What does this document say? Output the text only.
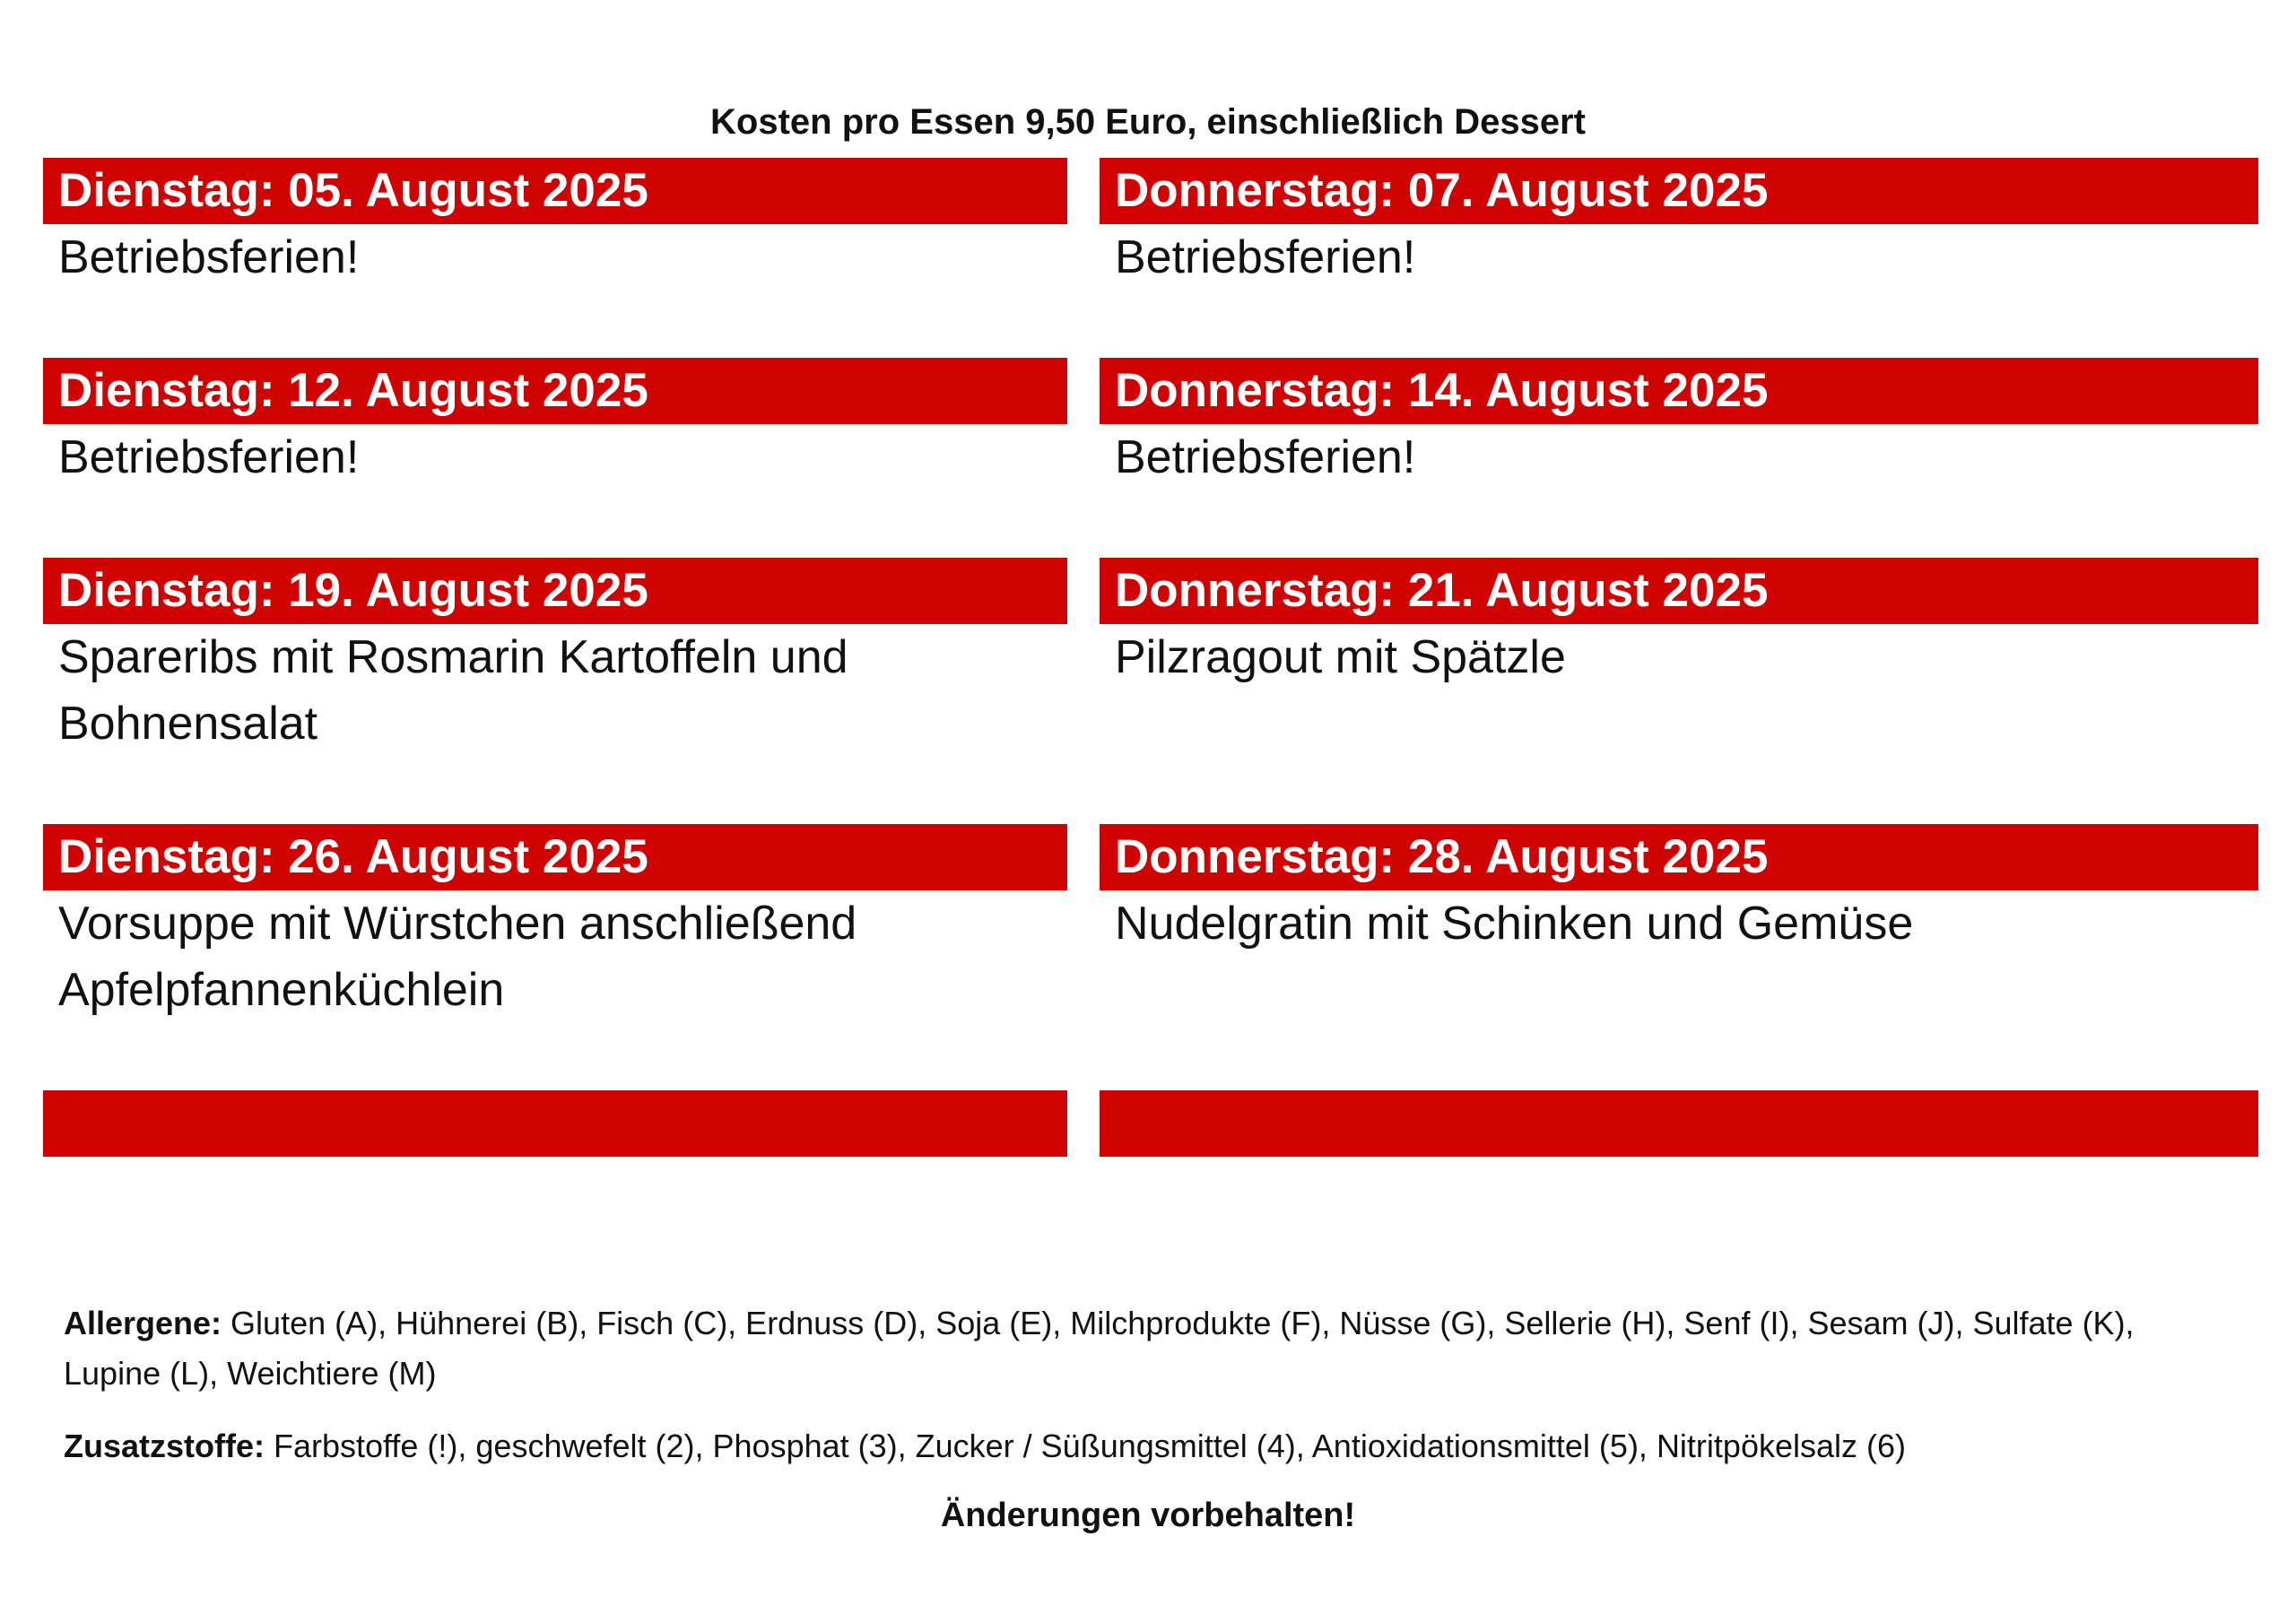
Kosten pro Essen 9,50 Euro, einschließlich Dessert

Dienstag: 05. August 2025
Betriebsferien!
Dienstag: 12. August 2025
Betriebsferien!
Dienstag: 19. August 2025
Spareribs mit Rosmarin Kartoffeln und
Bohnensalat
Dienstag: 26. August 2025
Vorsuppe mit Würstchen anschließend
Apfelpfannenküchlein
Donnerstag: 07. August 2025
Betriebsferien!
Donnerstag: 14. August 2025
Betriebsferien!
Donnerstag: 21. August 2025
Pilzragout mit Spätzle
Donnerstag: 28. August 2025
Nudelgratin mit Schinken und Gemüse
Allergene: Gluten (A), Hühnerei (B), Fisch (C), Erdnuss (D), Soja (E), Milchprodukte (F), Nüsse (G), Sellerie (H), Senf (I), Sesam (J), Sulfate (K), Lupine (L), Weichtiere (M)
Zusatzstoffe: Farbstoffe (!), geschwefelt (2), Phosphat (3), Zucker / Süßungsmittel (4), Antioxidationsmittel (5), Nitritpökelsalz (6)
Änderungen vorbehalten!
